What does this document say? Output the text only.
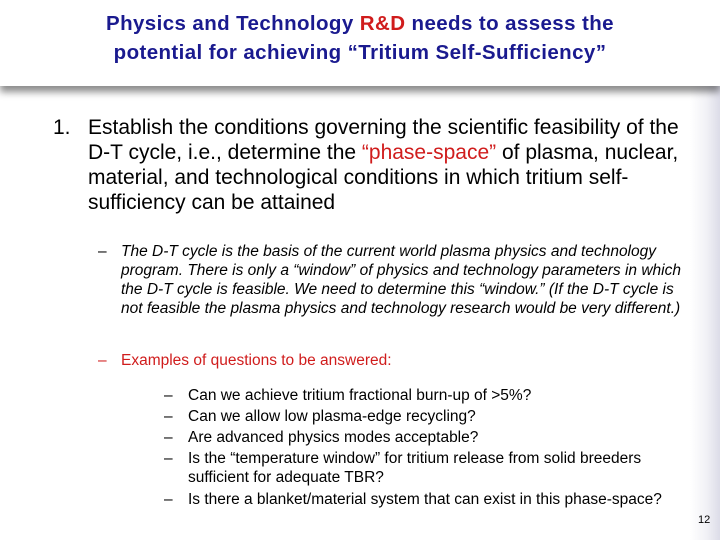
Physics and Technology R&D needs to assess the
potential for achieving “Tritium Self-Sufficiency”
1. Establish the conditions governing the scientific feasibility of the D-T cycle, i.e., determine the “phase-space” of plasma, nuclear, material, and technological conditions in which tritium self-sufficiency can be attained
– The D-T cycle is the basis of the current world plasma physics and technology program. There is only a “window” of physics and technology parameters in which the D-T cycle is feasible. We need to determine this “window.” (If the D-T cycle is not feasible the plasma physics and technology research would be very different.)
– Examples of questions to be answered:
– Can we achieve tritium fractional burn-up of >5%?
– Can we allow low plasma-edge recycling?
– Are advanced physics modes acceptable?
– Is the “temperature window” for tritium release from solid breeders sufficient for adequate TBR?
– Is there a blanket/material system that can exist in this phase-space?
12
